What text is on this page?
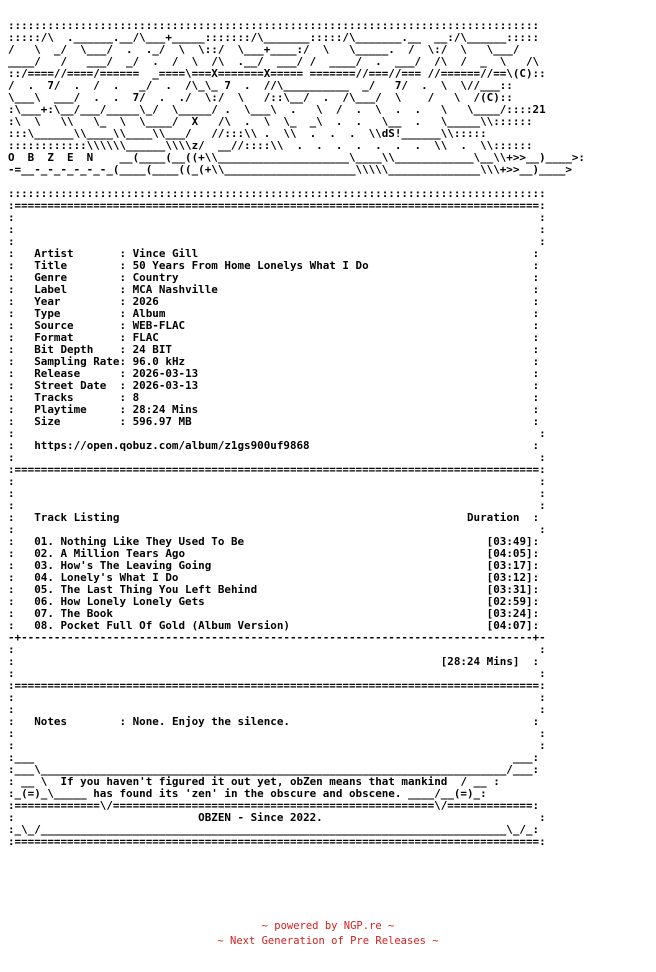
:::::::::::::::::::::::::::::::::::::::::::::::::::::::::::::::::::::::::::::::::
:::::/\  .______.__/\___+_____:::::::/\_______:::::/\_______.__  __:/\______:::::
/   \  _/  \___/  .  ._/  \  \::/  \___+____:/  \   \_____.  /  \:/  \   \___/
____/   /   ___/  _/  .  /  \  /\  .__/  ___/ /  ____/  .  ___/  /\  /  _  \   /\
::/====//====/======  _====\===X=======X===== =======//===//=== //======//==\(C)::
/  .  7/  .  /  .   _/  .  /\_\_ 7  .  //\__________  _/   7/  .  \  \//___::
\___\  ___/  .  .  7/  .  ./  \:/  \   /::\__/  .  /\___/  \    /   \  /(C)::
:\___+:\__/___/_____\_/  \_____/ .  \___\  .   \  /  .  \  .  .   \   \____/::::21
:\  \   \\   \_  \  \____/  X   /\  .  \  \_  _\  .  .   \__  .   \_____\\::::::
:::\______\\____\\____\\___/   //:::\\ .  \\  .  .  .  \\dS!______\\:::::
::::::::::::\\\\\\______\\\\z/  __//::::\\  .  .  .  .  .  .  .  \\  .  \\::::::
O  B  Z  E  N    __(____(__((+\\____________________\____\\____________\__\\+>>__)____>:
-=__-_-_-_-_-_-_(____(____((_(+\\____________________\\\\\______________\\\+>>__)____>

::::::::::::::::::::::::::::::::::::::::::::::::::::::::::::::::::::::::::::::::::
:================================================================================:
:                                                                                :
:                                                                                :
:                                                                                :
:   Artist       : Vince Gill	:
:   Title        : 50 Years From Home Lonelys What I Do	:
:   Genre        : Country	:
:   Label        : MCA Nashville	:
:   Year         : 2026	:
:   Type         : Album	:
:   Source       : WEB-FLAC	:
:   Format       : FLAC	:
:   Bit Depth    : 24 BIT	:
:   Sampling Rate: 96.0 kHz	:
:   Release      : 2026-03-13	:
:   Street Date  : 2026-03-13	:
:   Tracks       : 8	:
:   Playtime     : 28:24 Mins	:
:   Size         : 596.97 MB	:
:                                                                                :
:   https://open.qobuz.com/album/z1gs900uf9868	:
:                                                                                :
:================================================================================:
:                                                                                :
:                                                                                :
:                                                                                :
:   Track Listing	Duration  :
:                                                                                :
:   01. Nothing Like They Used To Be	[03:49]:
:   02. A Million Tears Ago	[04:05]:
:   03. How's The Leaving Going	[03:17]:
:   04. Lonely's What I Do	[03:12]:
:   05. The Last Thing You Left Behind	[03:31]:
:   06. How Lonely Lonely Gets	[02:59]:
:   07. The Book	[03:24]:
:   08. Pocket Full Of Gold (Album Version)	[04:07]:
-+------------------------------------------------------------------------------+-
:                                                                                :
:                                                                 [28:24 Mins]  :
:                                                                                :
:================================================================================:
:                                                                                :
:                                                                                :
:   Notes        : None. Enjoy the silence.	:
:                                                                                :
:                                                                                :
:___                                                                         ___:
:___\_______________________________________________________________________/___:
: __ \  If you haven't figured it out yet, obZen means that mankind  / __ :
:_(=)_\_____ has found its 'zen' in the obscure and obscene. ____/__(=)_:
:=============\/=================================================\/=============:
:                            OBZEN - Since 2022.	:
:_\_/_______________________________________________________________________\_/_:
:================================================================================:
~ powered by NGP.re ~
~ Next Generation of Pre Releases ~
